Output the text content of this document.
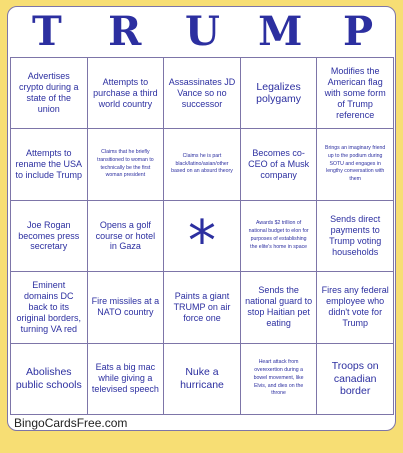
T	R	U M	P
Advertises crypto during a state of the union
Attempts to purchase a third world country
Assassinates JD Vance so no successor
Legalizes polygamy
Modifies the American flag with some form of Trump reference
Attempts to rename the USA to include Trump
Claims that he briefly transitioned to woman to technically be the first woman president
Claims he is part black/latino/asian/other based on an absurd theory
Becomes co-CEO of a Musk company
Brings an imaginary friend up to the podium during SOTU and engages in lengthy conversation with them
Joe Rogan becomes press secretary
Opens a golf course or hotel in Gaza *	Awards $2 trillion of national budget to elon for purposes of establishing the elite's home in space
Sends direct payments to Trump voting households
Eminent domains DC back to its original borders, turning VA red
Fire missiles at a NATO country
Paints a giant TRUMP on air force one
Sends the national guard to stop Haitian pet eating
Fires any federal employee who didn't vote for Trump
Abolishes public schools
Eats a big mac while giving a televised speech
Nuke a hurricane
Heart attack from overexertion during a bowel movement, like Elvis, and dies on the throne
Troops on canadian border
BingoCardsFree.com
